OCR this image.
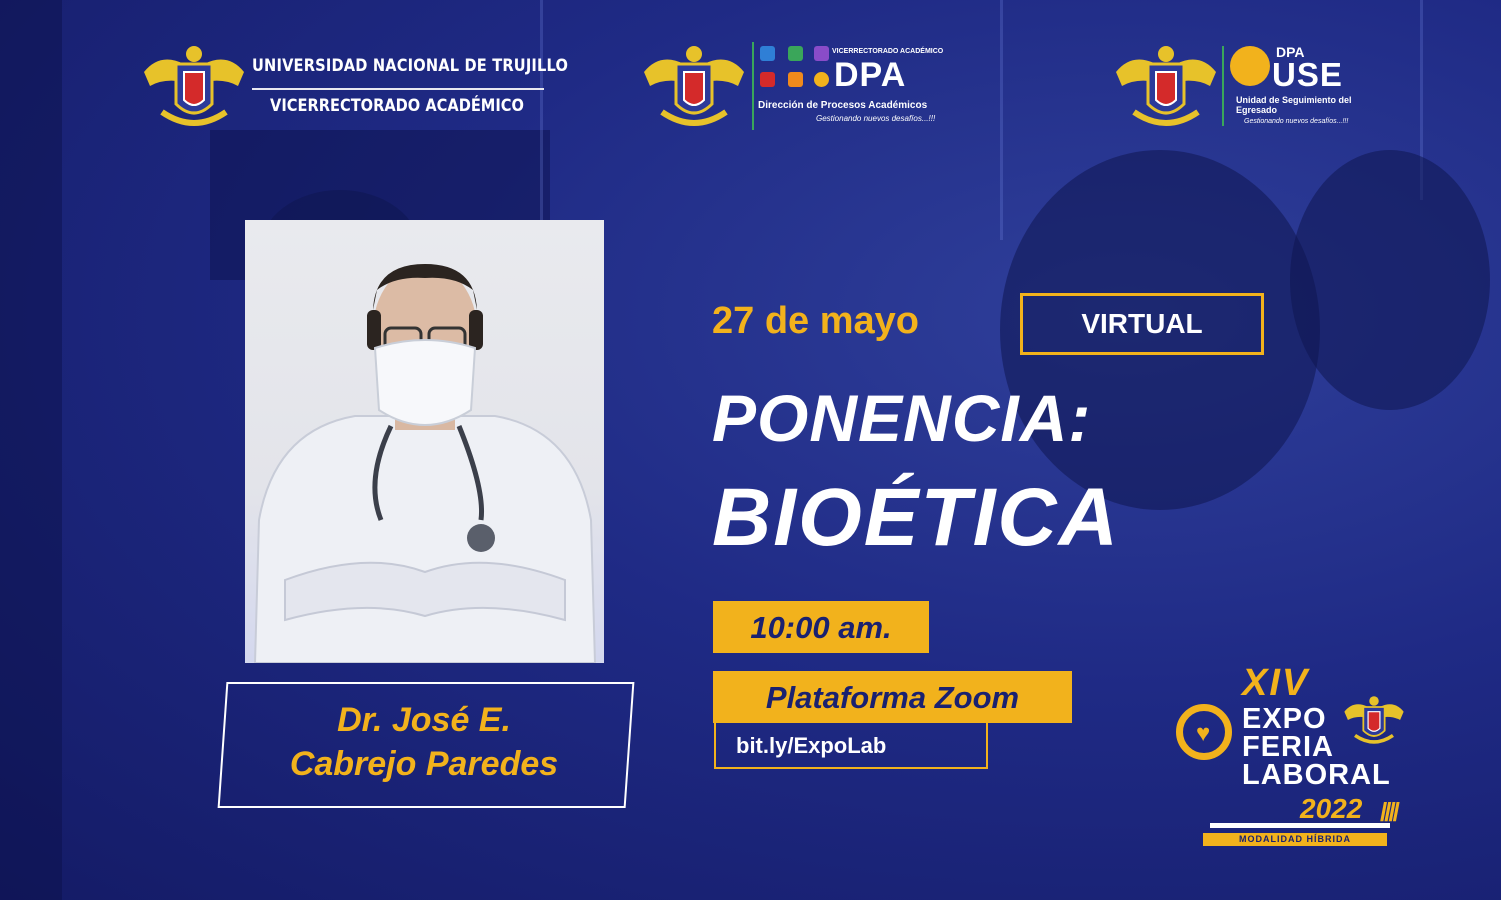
UNIVERSIDAD NACIONAL DE TRUJILLO
VICERRECTORADO ACADÉMICO
VICERRECTORADO ACADÉMICO
DPA
Dirección de Procesos Académicos
Gestionando nuevos desafíos...!!!
DPA
USE
Unidad de Seguimiento del Egresado
Gestionando nuevos desafíos...!!!
Dr. José E.
Cabrejo Paredes
27 de mayo	VIRTUAL
PONENCIA:
BIOÉTICA
10:00 am.
Plataforma Zoom
bit.ly/ExpoLab
XIV
♥ EXPO
FERIA
LABORAL
2022 ////
MODALIDAD HÍBRIDA
